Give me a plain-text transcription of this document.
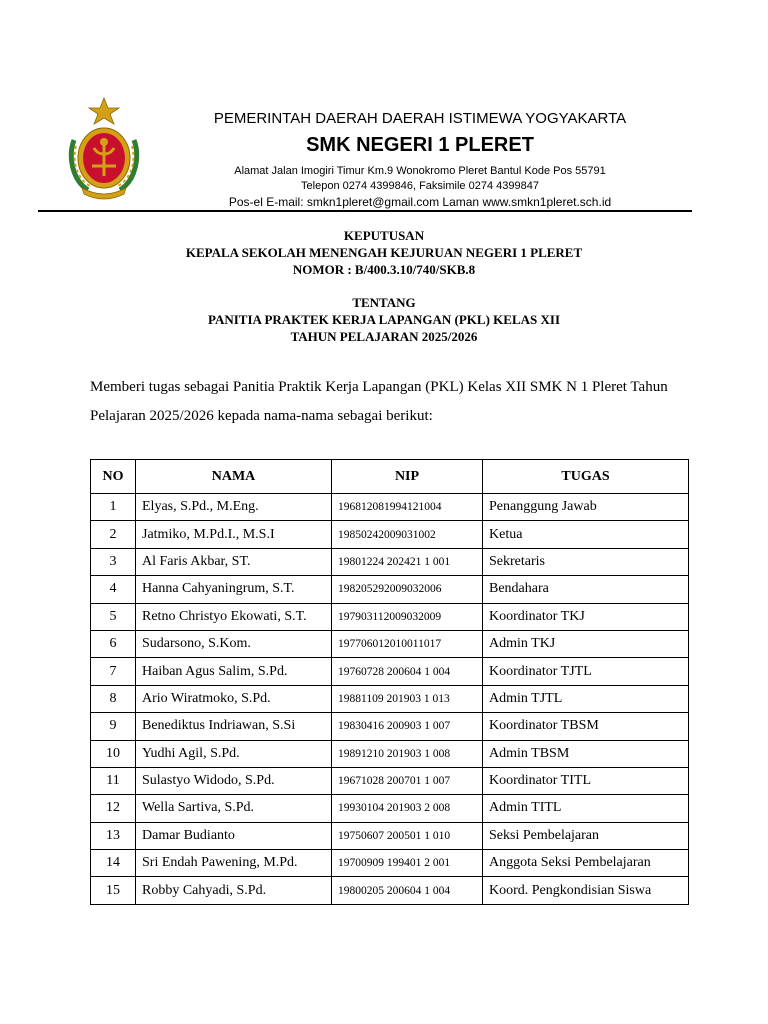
PEMERINTAH DAERAH DAERAH ISTIMEWA YOGYAKARTA
SMK NEGERI 1 PLERET
Alamat Jalan Imogiri Timur Km.9 Wonokromo Pleret Bantul Kode Pos 55791
Telepon 0274 4399846, Faksimile 0274 4399847
Pos-el E-mail: smkn1pleret@gmail.com Laman www.smkn1pleret.sch.id
KEPUTUSAN
KEPALA SEKOLAH MENENGAH KEJURUAN NEGERI 1 PLERET
NOMOR : B/400.3.10/740/SKB.8
TENTANG
PANITIA PRAKTEK KERJA LAPANGAN (PKL) KELAS XII
TAHUN PELAJARAN 2025/2026
Memberi tugas sebagai Panitia Praktik Kerja Lapangan (PKL) Kelas XII SMK N 1 Pleret Tahun Pelajaran 2025/2026 kepada nama-nama sebagai berikut:
NO	NAMA	NIP	TUGAS
1	Elyas, S.Pd., M.Eng.	196812081994121004	Penanggung Jawab
2	Jatmiko, M.Pd.I., M.S.I	19850242009031002	Ketua
3	Al Faris Akbar, ST.	19801224 202421 1 001	Sekretaris
4	Hanna Cahyaningrum, S.T.	198205292009032006	Bendahara
5	Retno Christyo Ekowati, S.T.	197903112009032009	Koordinator TKJ
6	Sudarsono, S.Kom.	197706012010011017	Admin TKJ
7	Haiban Agus Salim, S.Pd.	19760728 200604 1 004	Koordinator TJTL
8	Ario Wiratmoko, S.Pd.	19881109 201903 1 013	Admin TJTL
9	Benediktus Indriawan, S.Si	19830416 200903 1 007	Koordinator TBSM
10	Yudhi Agil, S.Pd.	19891210 201903 1 008	Admin TBSM
11	Sulastyo Widodo, S.Pd.	19671028 200701 1 007	Koordinator TITL
12	Wella Sartiva, S.Pd.	19930104 201903 2 008	Admin TITL
13	Damar Budianto	19750607 200501 1 010	Seksi Pembelajaran
14	Sri Endah Pawening, M.Pd.	19700909 199401 2 001	Anggota Seksi Pembelajaran
15	Robby Cahyadi, S.Pd.	19800205 200604 1 004	Koord. Pengkondisian Siswa
